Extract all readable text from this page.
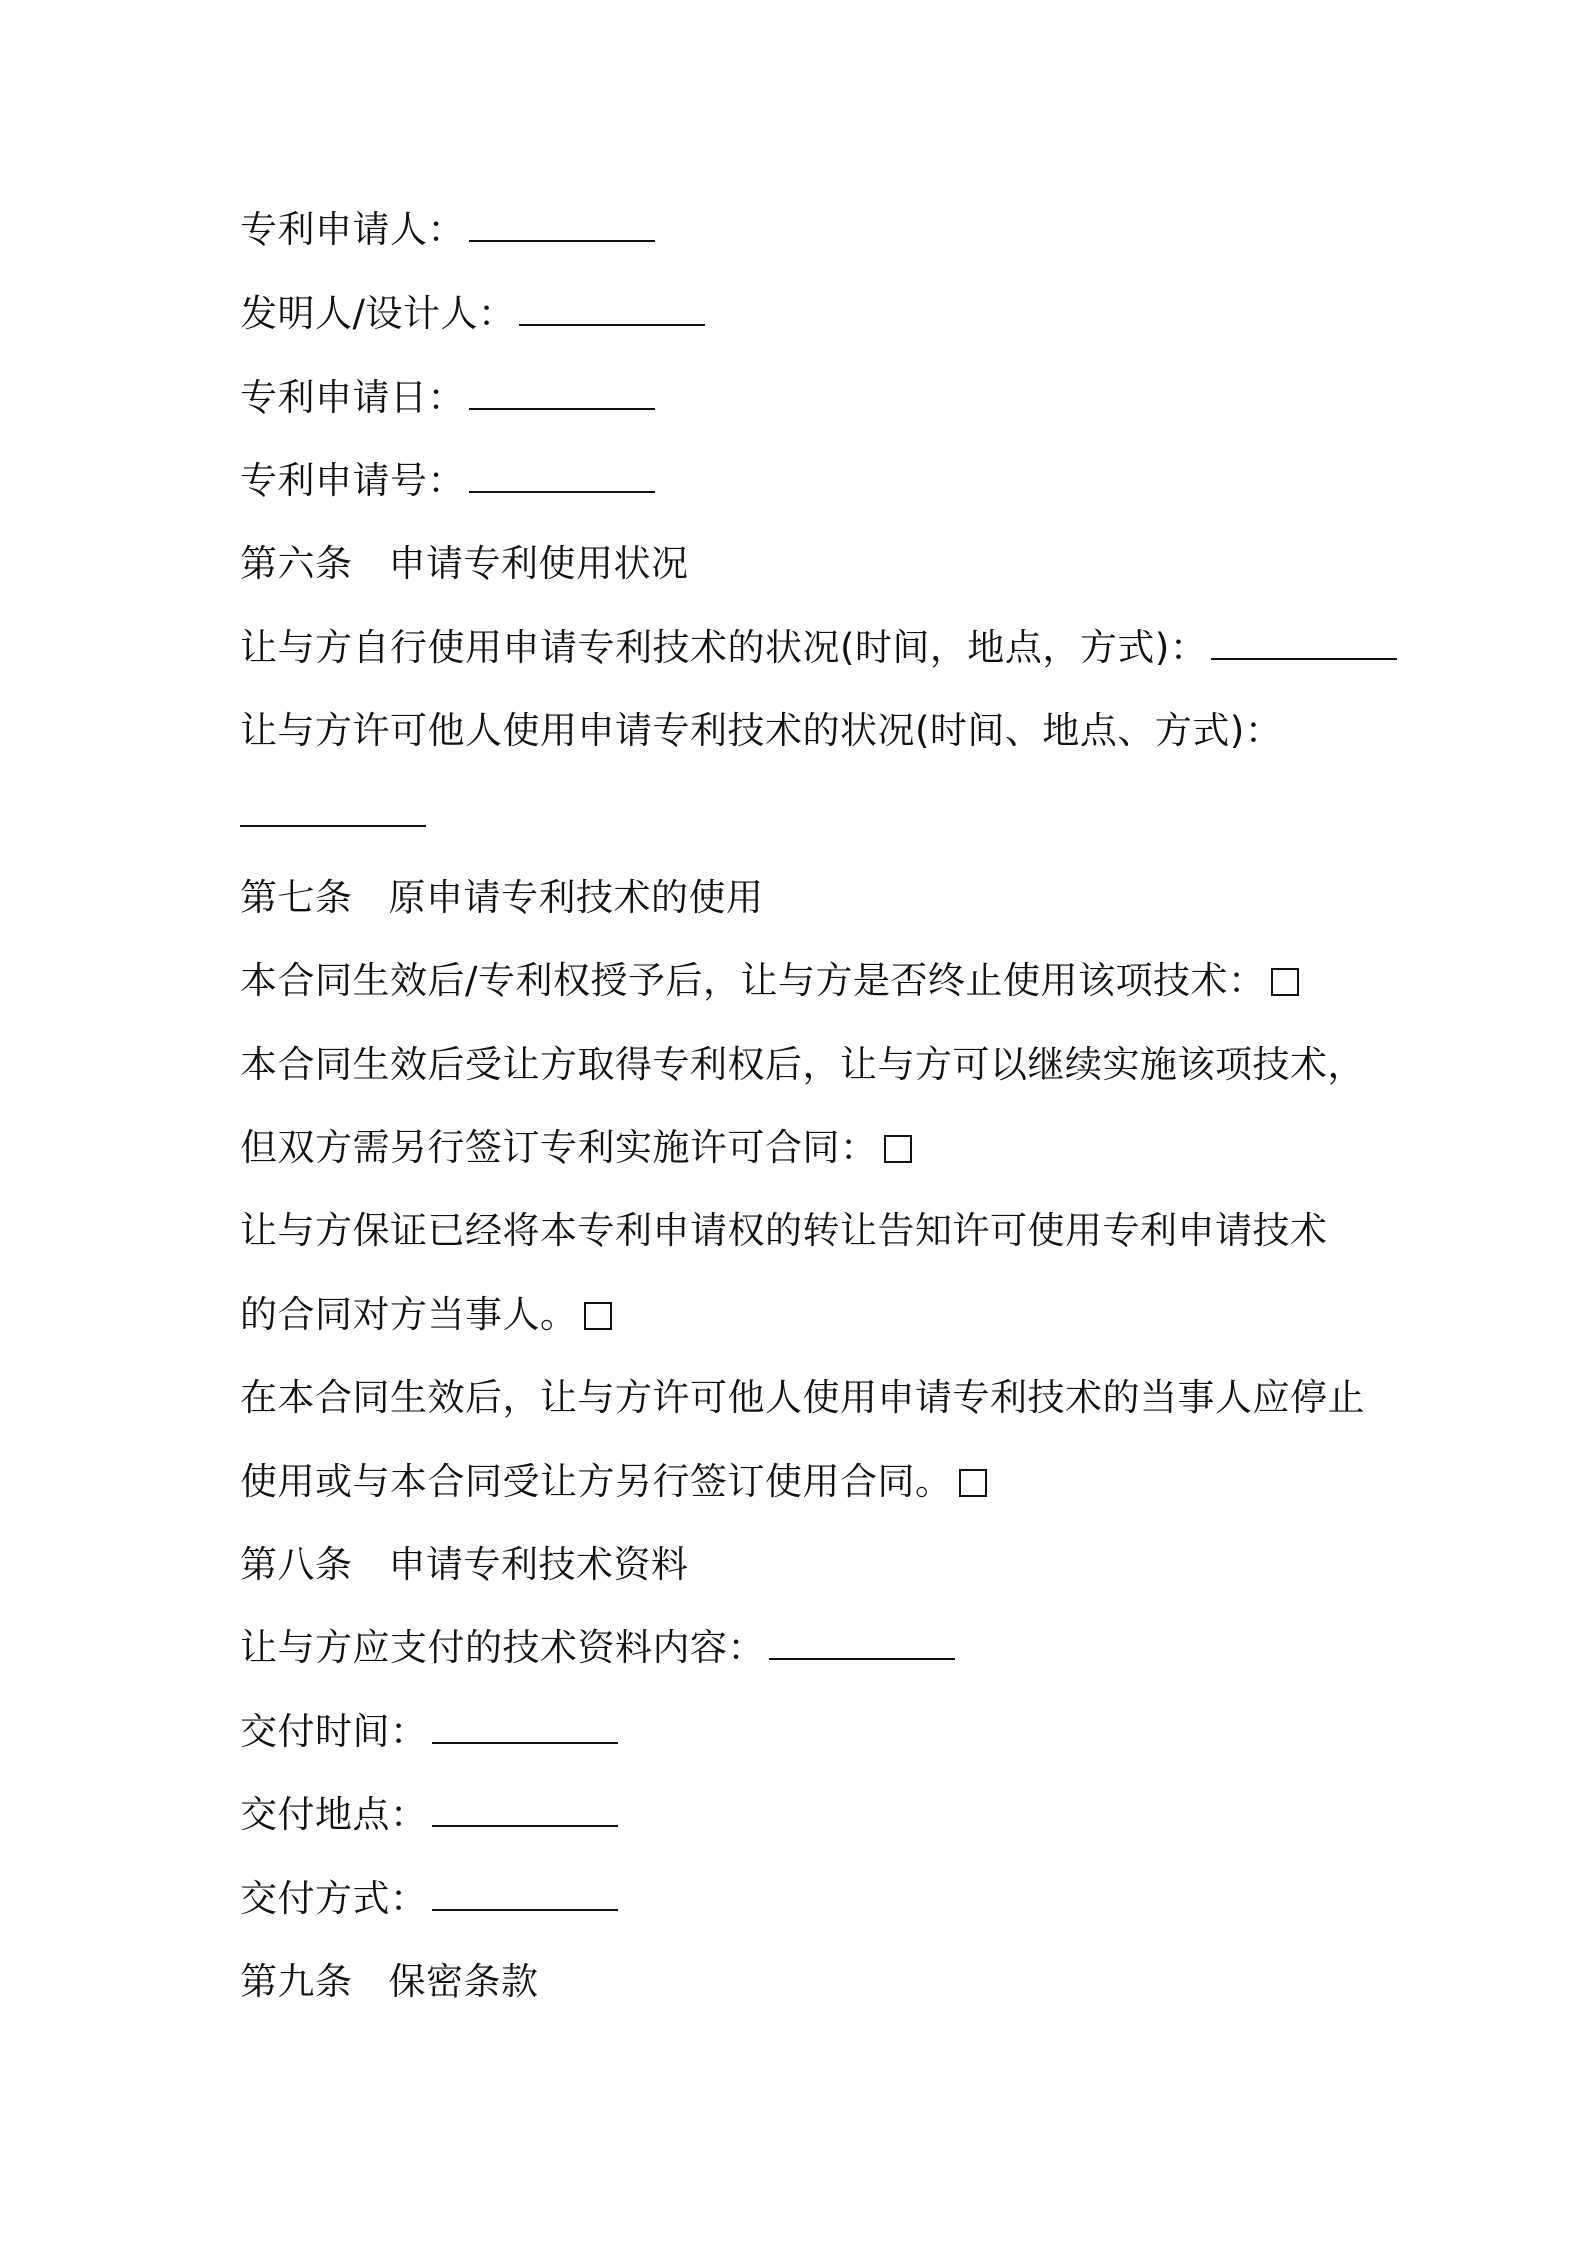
专利申请人：
发明人/设计人：
专利申请日：
专利申请号：
第六条 申请专利使用状况
让与方自行使用申请专利技术的状况(时间，地点，方式)：
让与方许可他人使用申请专利技术的状况(时间、地点、方式)：
第七条 原申请专利技术的使用
本合同生效后/专利权授予后，让与方是否终止使用该项技术：
本合同生效后受让方取得专利权后，让与方可以继续实施该项技术，
但双方需另行签订专利实施许可合同：
让与方保证已经将本专利申请权的转让告知许可使用专利申请技术
的合同对方当事人。
在本合同生效后，让与方许可他人使用申请专利技术的当事人应停止
使用或与本合同受让方另行签订使用合同。
第八条 申请专利技术资料
让与方应支付的技术资料内容：
交付时间：
交付地点：
交付方式：
第九条 保密条款
